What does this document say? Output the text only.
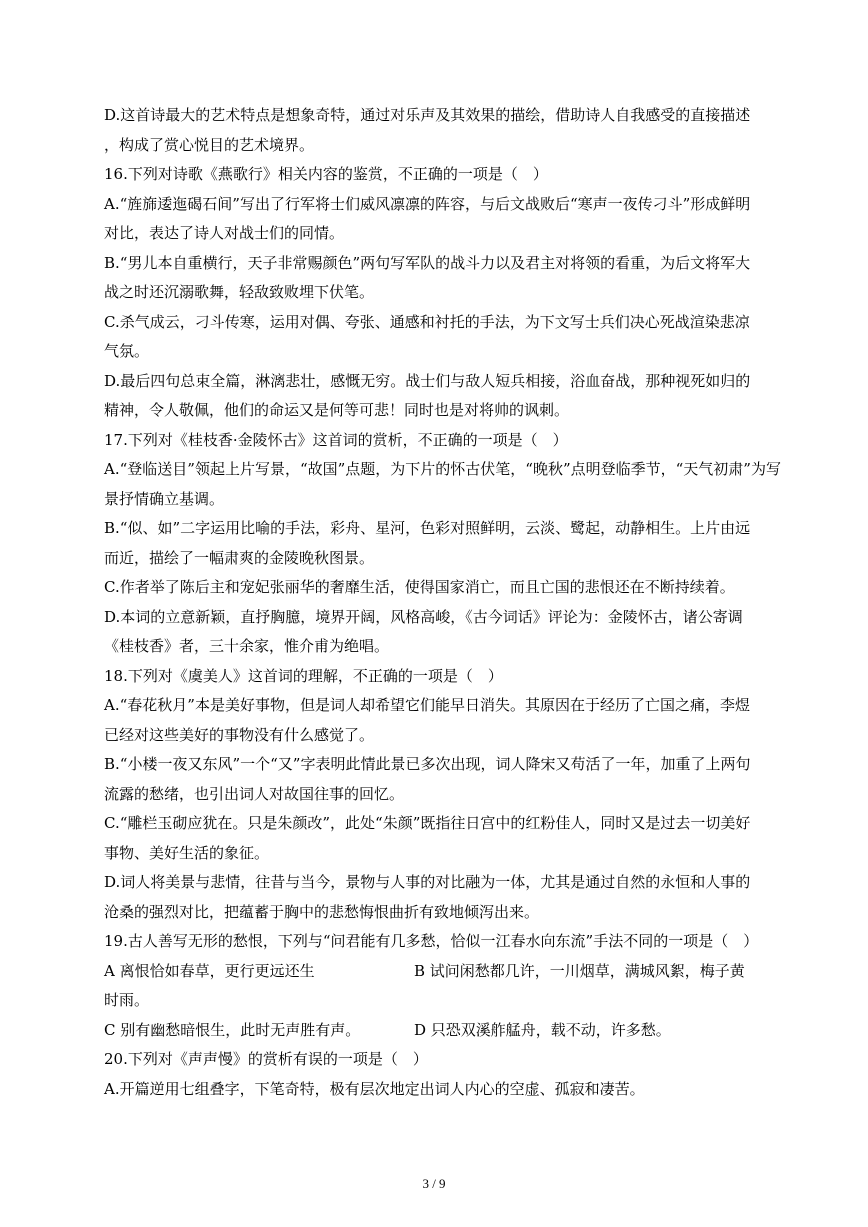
D.这首诗最大的艺术特点是想象奇特，通过对乐声及其效果的描绘，借助诗人自我感受的直接描述
，构成了赏心悦目的艺术境界。
16.下列对诗歌《燕歌行》相关内容的鉴赏，不正确的一项是（　）
A.“旌旆逶迤碣石间”写出了行军将士们威风凛凛的阵容，与后文战败后“寒声一夜传刁斗”形成鲜明
对比，表达了诗人对战士们的同情。
B.“男儿本自重横行，天子非常赐颜色”两句写军队的战斗力以及君主对将领的看重，为后文将军大
战之时还沉溺歌舞，轻敌致败埋下伏笔。
C.杀气成云，刁斗传寒，运用对偶、夸张、通感和衬托的手法，为下文写士兵们决心死战渲染悲凉
气氛。
D.最后四句总束全篇，淋漓悲壮，感慨无穷。战士们与敌人短兵相接，浴血奋战，那种视死如归的
精神，令人敬佩，他们的命运又是何等可悲！同时也是对将帅的讽刺。
17.下列对《桂枝香·金陵怀古》这首词的赏析，不正确的一项是（　）
A.“登临送目”领起上片写景，“故国”点题，为下片的怀古伏笔，“晚秋”点明登临季节，“天气初肃”为写
景抒情确立基调。
B.“似、如”二字运用比喻的手法，彩舟、星河，色彩对照鲜明，云淡、鹭起，动静相生。上片由远
而近，描绘了一幅肃爽的金陵晚秋图景。
C.作者举了陈后主和宠妃张丽华的奢靡生活，使得国家消亡，而且亡国的悲恨还在不断持续着。
D.本词的立意新颖，直抒胸臆，境界开阔，风格高峻，《古今词话》评论为：金陵怀古，诸公寄调
《桂枝香》者，三十余家，惟介甫为绝唱。
18.下列对《虞美人》这首词的理解，不正确的一项是（　）
A.“春花秋月”本是美好事物，但是词人却希望它们能早日消失。其原因在于经历了亡国之痛，李煜
已经对这些美好的事物没有什么感觉了。
B.“小楼一夜又东风”一个“又”字表明此情此景已多次出现，词人降宋又苟活了一年，加重了上两句
流露的愁绪，也引出词人对故国往事的回忆。
C.“雕栏玉砌应犹在。只是朱颜改”，此处“朱颜”既指往日宫中的红粉佳人，同时又是过去一切美好
事物、美好生活的象征。
D.词人将美景与悲情，往昔与当今，景物与人事的对比融为一体，尤其是通过自然的永恒和人事的
沧桑的强烈对比，把蕴蓄于胸中的悲愁悔恨曲折有致地倾泻出来。
19.古人善写无形的愁恨，下列与“问君能有几多愁，恰似一江春水向东流”手法不同的一项是（　）
A 离恨恰如春草，更行更远还生	B 试问闲愁都几许，一川烟草，满城风絮，梅子黄
时雨。
C 别有幽愁暗恨生，此时无声胜有声。	D 只恐双溪舴艋舟，载不动，许多愁。
20.下列对《声声慢》的赏析有误的一项是（　）
A.开篇逆用七组叠字，下笔奇特，极有层次地定出词人内心的空虚、孤寂和凄苦。
3 / 9
